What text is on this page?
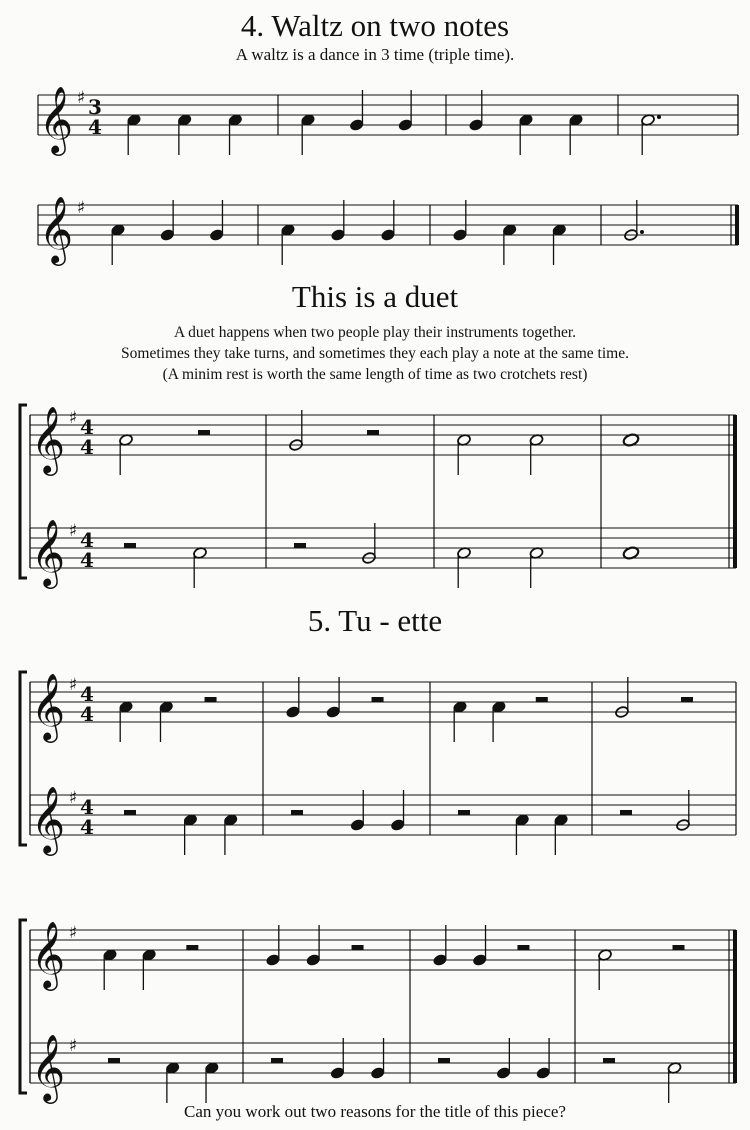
4. Waltz on two notes
A waltz is a dance in 3 time (triple time).
This is a duet
A duet happens when two people play their instruments together.
Sometimes they take turns, and sometimes they each play a note at the same time.
(A minim rest is worth the same length of time as two crotchets rest)
5. Tu - ette
Can you work out two reasons for the title of this piece?
𝄞 ♯ 3
4
𝄞 ♯
𝄞 ♯ 4
4
𝄞 ♯ 4
4
𝄞 ♯ 4
4
𝄞 ♯ 4
4
𝄞 ♯
𝄞 ♯
